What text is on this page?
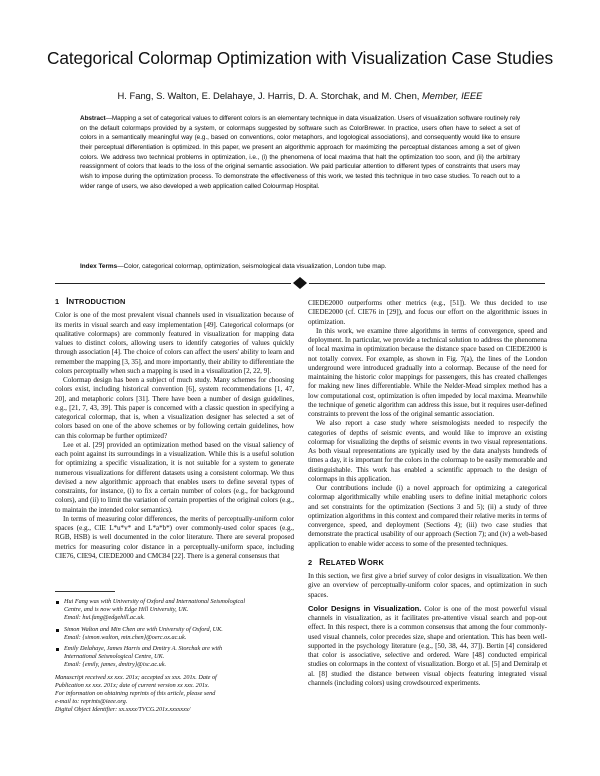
Categorical Colormap Optimization with Visualization Case Studies
H. Fang, S. Walton, E. Delahaye, J. Harris, D. A. Storchak, and M. Chen, Member, IEEE
Abstract—Mapping a set of categorical values to different colors is an elementary technique in data visualization. Users of visualization software routinely rely on the default colormaps provided by a system, or colormaps suggested by software such as ColorBrewer. In practice, users often have to select a set of colors in a semantically meaningful way (e.g., based on conventions, color metaphors, and logological associations), and consequently would like to ensure their perceptual differentiation is optimized. In this paper, we present an algorithmic approach for maximizing the perceptual distances among a set of given colors. We address two technical problems in optimization, i.e., (i) the phenomena of local maxima that halt the optimization too soon, and (ii) the arbitrary reassignment of colors that leads to the loss of the original semantic association. We paid particular attention to different types of constraints that users may wish to impose during the optimization process. To demonstrate the effectiveness of this work, we tested this technique in two case studies. To reach out to a wider range of users, we also developed a web application called Colourmap Hospital.
Index Terms—Color, categorical colormap, optimization, seismological data visualization, London tube map.
1 INTRODUCTION

Color is one of the most prevalent visual channels used in visualization because of its merits in visual search and easy implementation [49]. Categorical colormaps (or qualitative colormaps) are commonly featured in visualization for mapping data values to distinct colors, allowing users to identify categories of values quickly through association [4]. The choice of colors can affect the users' ability to learn and remember the mapping [3, 35], and more importantly, their ability to differentiate the colors perceptually when such a mapping is used in a visualization [2, 22, 9].

Colormap design has been a subject of much study. Many schemes for choosing colors exist, including historical convention [6], system recommendations [1, 47, 20], and metaphoric colors [31]. There have been a number of design guidelines, e.g., [21, 7, 43, 39]. This paper is concerned with a classic question in specifying a categorical colormap, that is, when a visualization designer has selected a set of colors based on one of the above schemes or by following certain guidelines, how can this colormap be further optimized?

Lee et al. [29] provided an optimization method based on the visual saliency of each point against its surroundings in a visualization. While this is a useful solution for optimizing a specific visualization, it is not suitable for a system to generate numerous visualizations for different datasets using a consistent colormap. We thus devised a new algorithmic approach that enables users to define several types of constraints, for instance, (i) to fix a certain number of colors (e.g., for background colors), and (ii) to limit the variation of certain properties of the original colors (e.g., to maintain the intended color semantics).

In terms of measuring color differences, the merits of perceptually-uniform color spaces (e.g., CIE L*u*v* and L*a*b*) over commonly-used color spaces (e.g., RGB, HSB) is well documented in the color literature. There are several proposed metrics for measuring color distance in a perceptually-uniform space, including CIE76, CIE94, CIEDE2000 and CMC84 [22]. There is a general consensus that

Hui Fang was with University of Oxford and International Seismological
Centre, and is now with Edge Hill University, UK.
Email: hui.fang@edgehill.ac.uk.
Simon Walton and Min Chen are with University of Oxford, UK.
Email: {simon.walton, min.chen}@oerc.ox.ac.uk.
Emily Delahaye, James Harris and Dmitry A. Storchak are with
International Seismological Centre, UK.
Email: {emily, james, dmitry}@isc.ac.uk.
Manuscript received xx xxx. 201x; accepted xx xxx. 201x. Date of
Publication xx xxx. 201x; date of current version xx xxx. 201x.
For information on obtaining reprints of this article, please send
e-mail to: reprints@ieee.org.
Digital Object Identifier: xx.xxxx/TVCG.201x.xxxxxxx/

CIEDE2000 outperforms other metrics (e.g., [51]). We thus decided to use CIEDE2000 (cf. CIE76 in [29]), and focus our effort on the algorithmic issues in optimization.

In this work, we examine three algorithms in terms of convergence, speed and deployment. In particular, we provide a technical solution to address the phenomena of local maxima in optimization because the distance space based on CIEDE2000 is not totally convex. For example, as shown in Fig. 7(a), the lines of the London underground were introduced gradually into a colormap. Because of the need for maintaining the historic color mappings for passengers, this has created challenges for making new lines differentiable. While the Nelder-Mead simplex method has a low computational cost, optimization is often impeded by local maxima. Meanwhile the technique of genetic algorithm can address this issue, but it requires user-defined constraints to prevent the loss of the original semantic association.

We also report a case study where seismologists needed to respecify the categories of depths of seismic events, and would like to improve an existing colormap for visualizing the depths of seismic events in two visual representations. As both visual representations are typically used by the data analysts hundreds of times a day, it is important for the colors in the colormap to be easily memorable and distinguishable. This work has enabled a scientific approach to the design of colormaps in this application.

Our contributions include (i) a novel approach for optimizing a categorical colormap algorithmically while enabling users to define initial metaphoric colors and set constraints for the optimization (Sections 3 and 5); (ii) a study of three optimization algorithms in this context and compared their relative merits in terms of convergence, speed, and deployment (Sections 4); (iii) two case studies that demonstrate the practical usability of our approach (Section 7); and (iv) a web-based application to enable wider access to some of the presented techniques.

2 RELATED WORK

In this section, we first give a brief survey of color designs in visualization. We then give an overview of perceptually-uniform color spaces, and optimization in such spaces.

Color Designs in Visualization. Color is one of the most powerful visual channels in visualization, as it facilitates pre-attentive visual search and pop-out effect. In this respect, there is a common consensus that among the four commonly-used visual channels, color precedes size, shape and orientation. This has been well-supported in the psychology literature (e.g., [50, 38, 44, 37]). Bertin [4] considered that color is associative, selective and ordered. Ware [48] conducted empirical studies on colormaps in the context of visualization. Borgo et al. [5] and Demiralp et al. [8] studied the distance between visual objects featuring integrated visual channels (including colors) using crowdsourced experiments.
